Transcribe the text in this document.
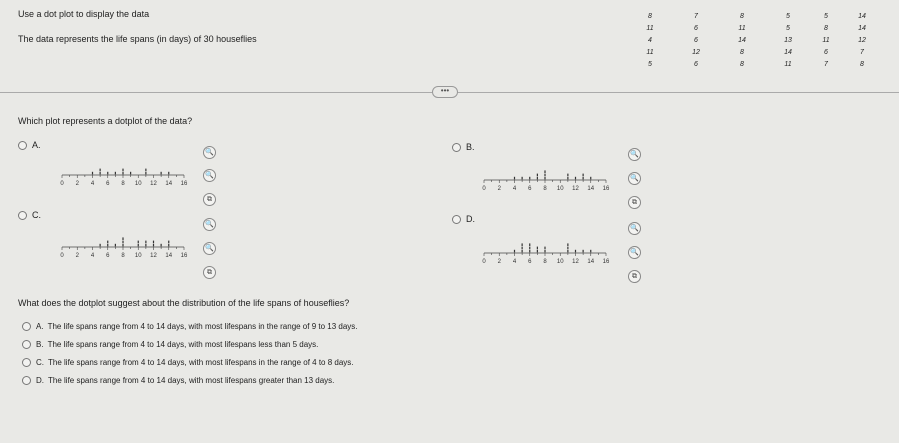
Use a dot plot to display the data
The data represents the life spans (in days) of 30 houseflies
8	7	8	5	5	14
11	6	11	5	8	14
4	6	14	13	11	12
11	12	8	14	6	7
5	6	8	11	7	8
•••
Which plot represents a dotplot of the data?
A.
0 2 4 6 8 10 12 14 16
🔍
🔍
⧉
B.
0 2 4 6 8 10 12 14 16
🔍
🔍
⧉
C.
0 2 4 6 8 10 12 14 16
🔍
🔍
⧉
D.
0 2 4 6 8 10 12 14 16
🔍
🔍
⧉
What does the dotplot suggest about the distribution of the life spans of houseflies?
A. The life spans range from 4 to 14 days, with most lifespans in the range of 9 to 13 days.
B. The life spans range from 4 to 14 days, with most lifespans less than 5 days.
C. The life spans range from 4 to 14 days, with most lifespans in the range of 4 to 8 days.
D. The life spans range from 4 to 14 days, with most lifespans greater than 13 days.
